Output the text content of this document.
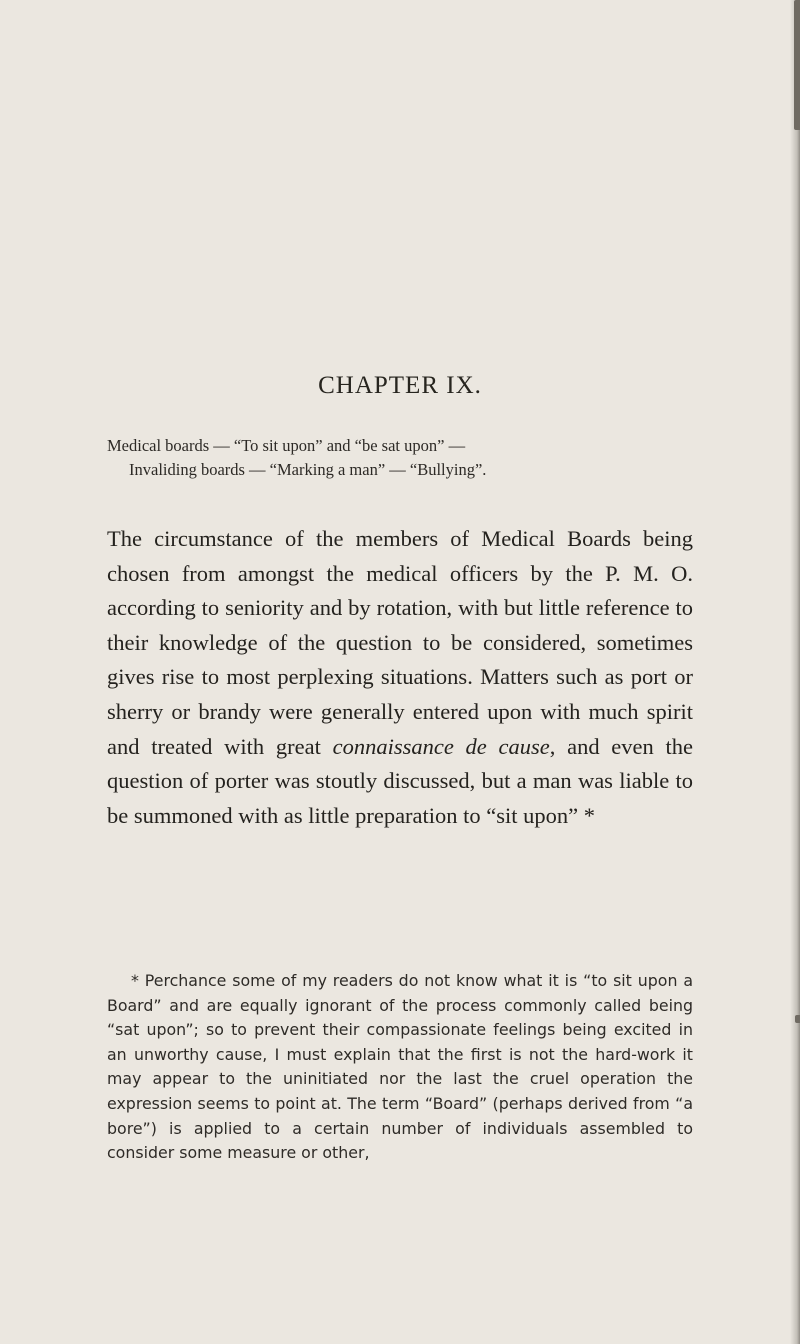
CHAPTER IX.
Medical boards — “To sit upon” and “be sat upon” —
Invaliding boards — “Marking a man” — “Bullying”.

The circumstance of the members of Medical Boards being chosen from amongst the medical officers by the P. M. O. according to seniority and by rotation, with but little reference to their knowledge of the question to be considered, sometimes gives rise to most perplexing situations. Matters such as port or sherry or brandy were generally entered upon with much spirit and treated with great connaissance de cause, and even the question of porter was stoutly discussed, but a man was liable to be summoned with as little preparation to “sit upon” *

* Perchance some of my readers do not know what it is “to sit upon a Board” and are equally ignorant of the process commonly called being “sat upon”; so to prevent their compassionate feelings being excited in an unworthy cause, I must explain that the first is not the hard-work it may appear to the uninitiated nor the last the cruel operation the expression seems to point at. The term “Board” (perhaps derived from “a bore”) is applied to a certain number of individuals assembled to consider some measure or other,
